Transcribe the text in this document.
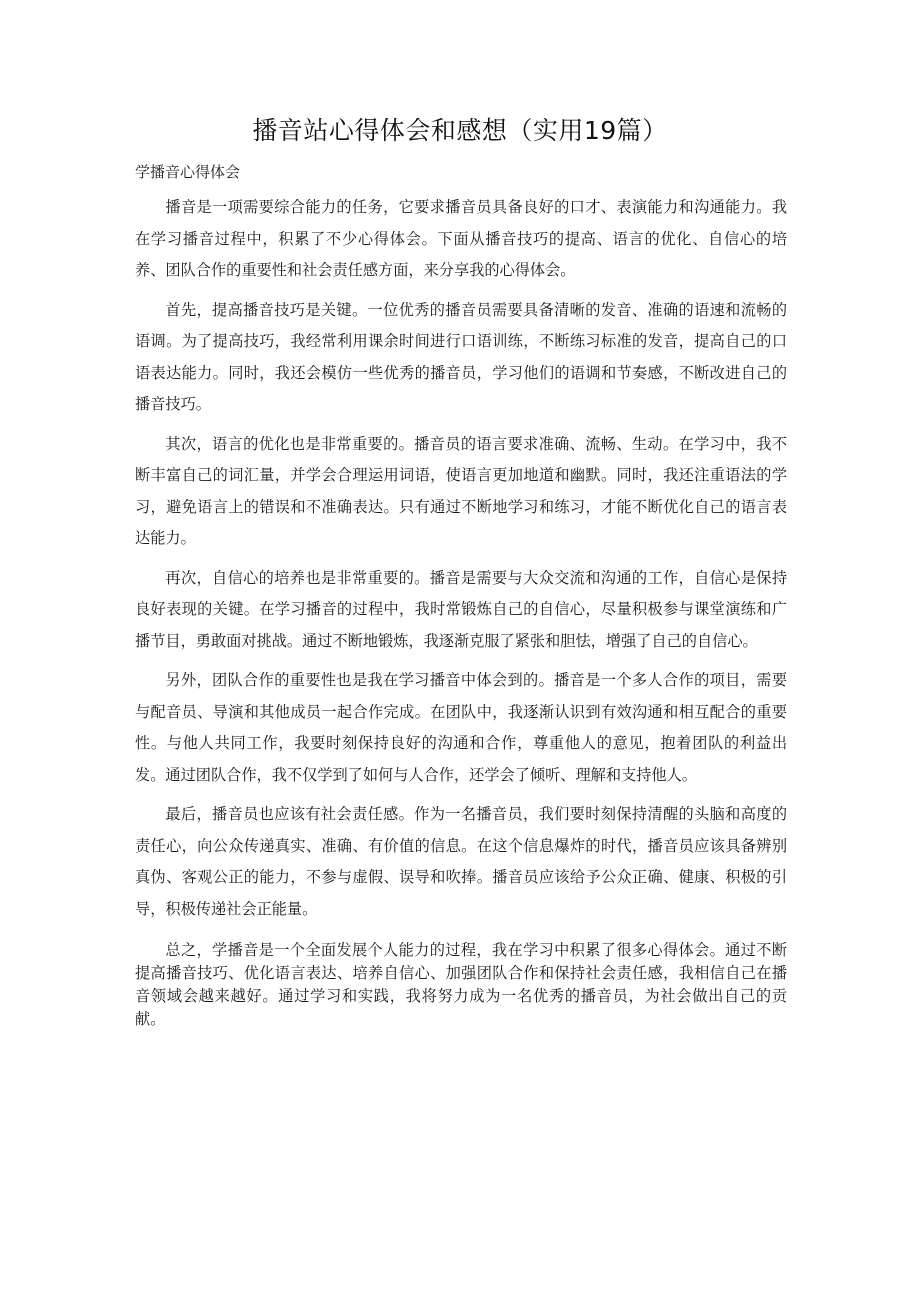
播音站心得体会和感想（实用19篇）

学播音心得体会

播音是一项需要综合能力的任务，它要求播音员具备良好的口才、表演能力和沟通能力。我在学习播音过程中，积累了不少心得体会。下面从播音技巧的提高、语言的优化、自信心的培养、团队合作的重要性和社会责任感方面，来分享我的心得体会。

首先，提高播音技巧是关键。一位优秀的播音员需要具备清晰的发音、准确的语速和流畅的语调。为了提高技巧，我经常利用课余时间进行口语训练，不断练习标准的发音，提高自己的口语表达能力。同时，我还会模仿一些优秀的播音员，学习他们的语调和节奏感，不断改进自己的播音技巧。

其次，语言的优化也是非常重要的。播音员的语言要求准确、流畅、生动。在学习中，我不断丰富自己的词汇量，并学会合理运用词语，使语言更加地道和幽默。同时，我还注重语法的学习，避免语言上的错误和不准确表达。只有通过不断地学习和练习，才能不断优化自己的语言表达能力。

再次，自信心的培养也是非常重要的。播音是需要与大众交流和沟通的工作，自信心是保持良好表现的关键。在学习播音的过程中，我时常锻炼自己的自信心，尽量积极参与课堂演练和广播节目，勇敢面对挑战。通过不断地锻炼，我逐渐克服了紧张和胆怯，增强了自己的自信心。

另外，团队合作的重要性也是我在学习播音中体会到的。播音是一个多人合作的项目，需要与配音员、导演和其他成员一起合作完成。在团队中，我逐渐认识到有效沟通和相互配合的重要性。与他人共同工作，我要时刻保持良好的沟通和合作，尊重他人的意见，抱着团队的利益出发。通过团队合作，我不仅学到了如何与人合作，还学会了倾听、理解和支持他人。

最后，播音员也应该有社会责任感。作为一名播音员，我们要时刻保持清醒的头脑和高度的责任心，向公众传递真实、准确、有价值的信息。在这个信息爆炸的时代，播音员应该具备辨别真伪、客观公正的能力，不参与虚假、误导和吹捧。播音员应该给予公众正确、健康、积极的引导，积极传递社会正能量。

总之，学播音是一个全面发展个人能力的过程，我在学习中积累了很多心得体会。通过不断提高播音技巧、优化语言表达、培养自信心、加强团队合作和保持社会责任感，我相信自己在播音领域会越来越好。通过学习和实践，我将努力成为一名优秀的播音员，为社会做出自己的贡献。
